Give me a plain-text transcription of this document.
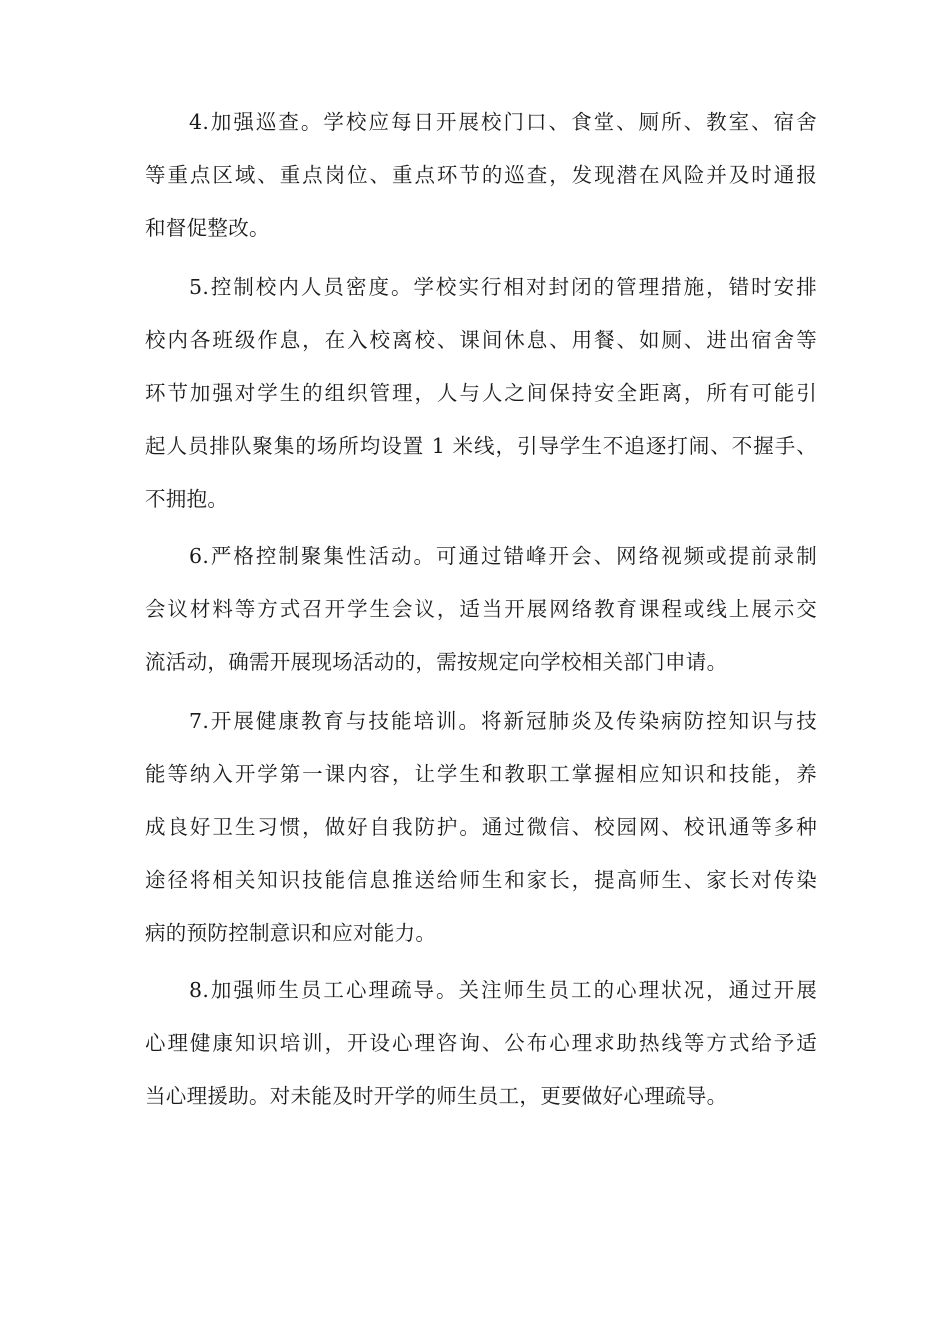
4.加强巡查。学校应每日开展校门口、食堂、厕所、教室、宿舍
等重点区域、重点岗位、重点环节的巡查，发现潜在风险并及时通报
和督促整改。
5.控制校内人员密度。学校实行相对封闭的管理措施，错时安排
校内各班级作息，在入校离校、课间休息、用餐、如厕、进出宿舍等
环节加强对学生的组织管理，人与人之间保持安全距离，所有可能引
起人员排队聚集的场所均设置 1 米线，引导学生不追逐打闹、不握手、
不拥抱。
6.严格控制聚集性活动。可通过错峰开会、网络视频或提前录制
会议材料等方式召开学生会议，适当开展网络教育课程或线上展示交
流活动，确需开展现场活动的，需按规定向学校相关部门申请。
7.开展健康教育与技能培训。将新冠肺炎及传染病防控知识与技
能等纳入开学第一课内容，让学生和教职工掌握相应知识和技能，养
成良好卫生习惯，做好自我防护。通过微信、校园网、校讯通等多种
途径将相关知识技能信息推送给师生和家长，提高师生、家长对传染
病的预防控制意识和应对能力。
8.加强师生员工心理疏导。关注师生员工的心理状况，通过开展
心理健康知识培训，开设心理咨询、公布心理求助热线等方式给予适
当心理援助。对未能及时开学的师生员工，更要做好心理疏导。
